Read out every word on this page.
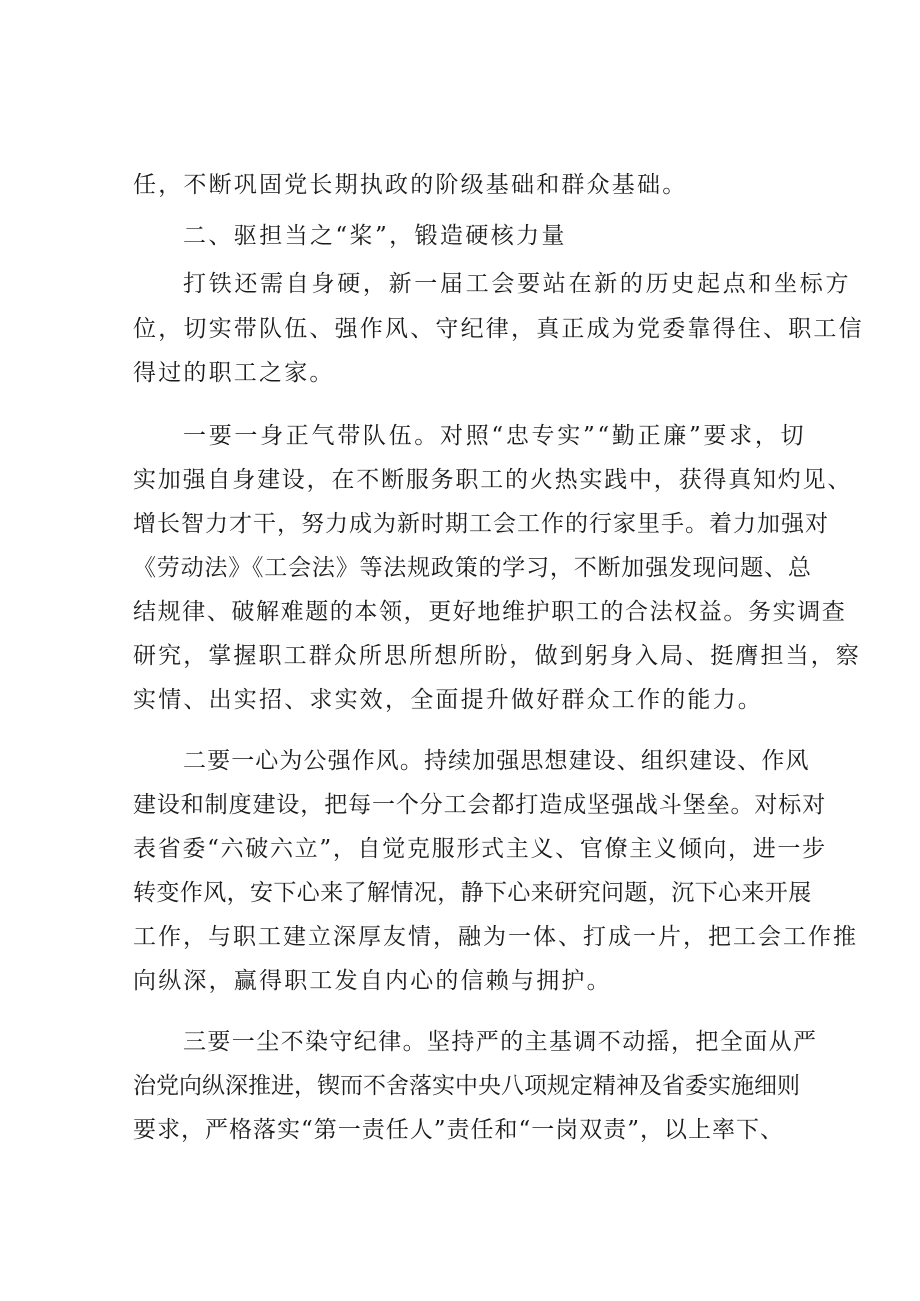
任，不断巩固党长期执政的阶级基础和群众基础。
二、驱担当之“桨”，锻造硬核力量
打铁还需自身硬，新一届工会要站在新的历史起点和坐标方
位，切实带队伍、强作风、守纪律，真正成为党委靠得住、职工信
得过的职工之家。
一要一身正气带队伍。对照“忠专实”“勤正廉”要求，切
实加强自身建设，在不断服务职工的火热实践中，获得真知灼见、
增长智力才干，努力成为新时期工会工作的行家里手。着力加强对
《劳动法》《工会法》等法规政策的学习，不断加强发现问题、总
结规律、破解难题的本领，更好地维护职工的合法权益。务实调查
研究，掌握职工群众所思所想所盼，做到躬身入局、挺膺担当，察
实情、出实招、求实效，全面提升做好群众工作的能力。
二要一心为公强作风。持续加强思想建设、组织建设、作风
建设和制度建设，把每一个分工会都打造成坚强战斗堡垒。对标对
表省委“六破六立”，自觉克服形式主义、官僚主义倾向，进一步
转变作风，安下心来了解情况，静下心来研究问题，沉下心来开展
工作，与职工建立深厚友情，融为一体、打成一片，把工会工作推
向纵深，赢得职工发自内心的信赖与拥护。
三要一尘不染守纪律。坚持严的主基调不动摇，把全面从严
治党向纵深推进，锲而不舍落实中央八项规定精神及省委实施细则
要求，严格落实“第一责任人”责任和“一岗双责”，以上率下、
